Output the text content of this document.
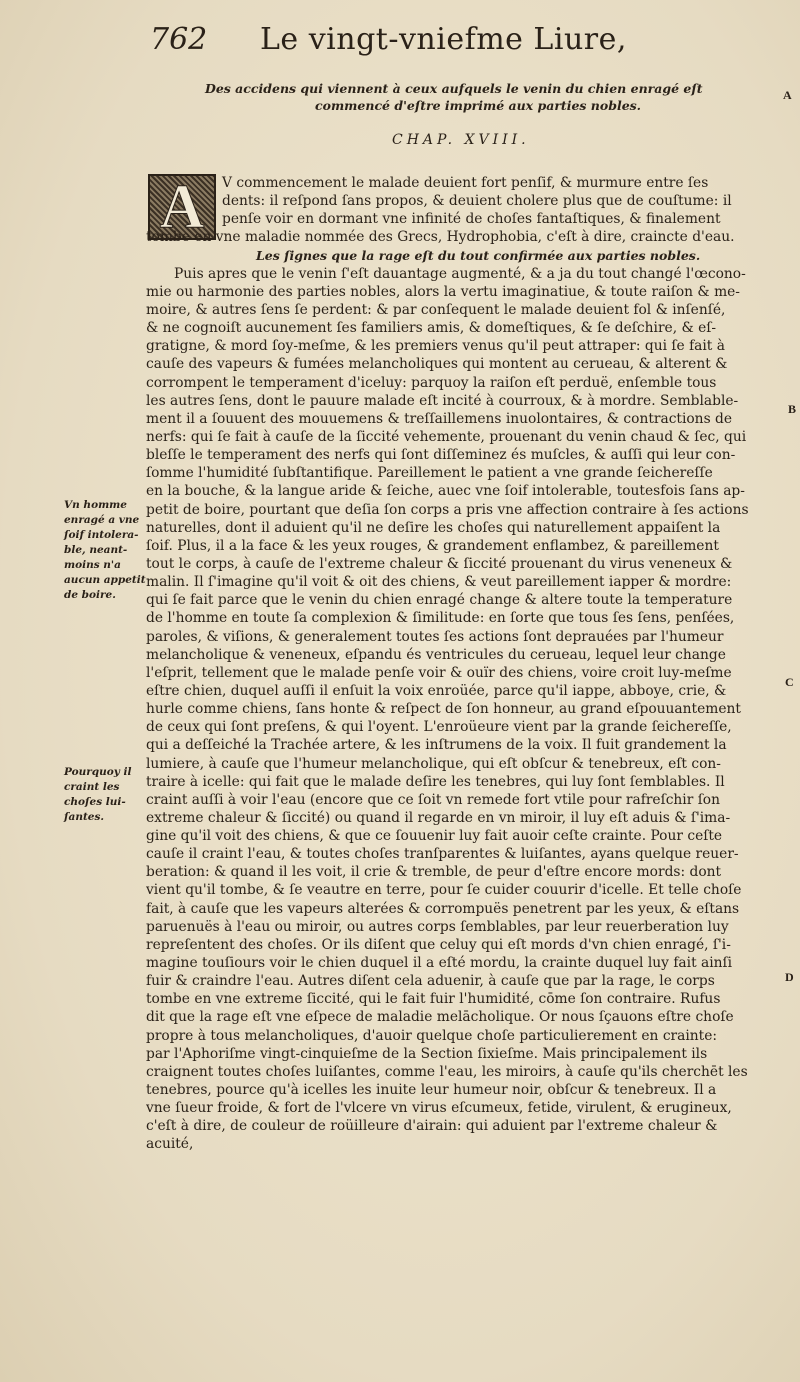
762	Le vingt-vniefme Liure,
A
B
C
D
Des accidens qui viennent à ceux aufquels le venin du chien enragé eſt
commencé d'eſtre imprimé aux parties nobles.
CHAP. XVIII.
A	V commencement le malade deuient fort penſif, & murmure entre ſes
dents: il reſpond ſans propos, & deuient cholere plus que de couſtume: il
penſe voir en dormant vne infinité de choſes fantaſtiques, & finalement
tombe en vne maladie nommée des Grecs, Hydrophobia, c'eſt à dire, craincte d'eau.
Les ſignes que la rage eſt du tout confirmée aux parties nobles.
Puis apres que le venin ſ'eſt dauantage augmenté, & a ja du tout changé l'œcono-
mie ou harmonie des parties nobles, alors la vertu imaginatiue, & toute raiſon & me-
moire, & autres ſens ſe perdent: & par conſequent le malade deuient fol & inſenſé,
& ne cognoiſt aucunement ſes familiers amis, & domeſtiques, & ſe deſchire, & eſ-
gratigne, & mord ſoy-meſme, & les premiers venus qu'il peut attraper: qui ſe fait à
cauſe des vapeurs & fumées melancholiques qui montent au cerueau, & alterent &
corrompent le temperament d'iceluy: parquoy la raiſon eſt perduë, enſemble tous
les autres ſens, dont le pauure malade eſt incité à courroux, & à mordre. Semblable-
ment il a ſouuent des mouuemens & treſſaillemens inuolontaires, & contractions de
nerfs: qui ſe fait à cauſe de la ſiccité vehemente, prouenant du venin chaud & ſec, qui
bleſſe le temperament des nerfs qui ſont diſſeminez és muſcles, & auſſi qui leur con-
ſomme l'humidité ſubſtantifique. Pareillement le patient a vne grande ſeichereſſe
en la bouche, & la langue aride & ſeiche, auec vne ſoif intolerable, toutesfois ſans ap-
petit de boire, pourtant que deſia ſon corps a pris vne affection contraire à ſes actions
naturelles, dont il aduient qu'il ne deſire les choſes qui naturellement appaiſent la
ſoif. Plus, il a la face & les yeux rouges, & grandement enflambez, & pareillement
tout le corps, à cauſe de l'extreme chaleur & ſiccité prouenant du virus veneneux &
malin. Il ſ'imagine qu'il voit & oit des chiens, & veut pareillement iapper & mordre:
qui ſe fait parce que le venin du chien enragé change & altere toute la temperature
de l'homme en toute ſa complexion & ſimilitude: en ſorte que tous ſes ſens, penſées,
paroles, & viſions, & generalement toutes ſes actions ſont deprauées par l'humeur
melancholique & veneneux, eſpandu és ventricules du cerueau, lequel leur change
l'eſprit, tellement que le malade penſe voir & ouïr des chiens, voire croit luy-meſme
eſtre chien, duquel auſſi il enſuit la voix enroüée, parce qu'il iappe, abboye, crie, &
hurle comme chiens, ſans honte & reſpect de ſon honneur, au grand eſpouuantement
de ceux qui ſont preſens, & qui l'oyent. L'enroüeure vient par la grande ſeichereſſe,
qui a deſſeiché la Trachée artere, & les inſtrumens de la voix. Il fuit grandement la
lumiere, à cauſe que l'humeur melancholique, qui eſt obſcur & tenebreux, eſt con-
traire à icelle: qui fait que le malade deſire les tenebres, qui luy ſont ſemblables. Il
craint auſſi à voir l'eau (encore que ce ſoit vn remede fort vtile pour rafreſchir ſon
extreme chaleur & ſiccité) ou quand il regarde en vn miroir, il luy eſt aduis & ſ'ima-
gine qu'il voit des chiens, & que ce ſouuenir luy fait auoir ceſte crainte. Pour ceſte
cauſe il craint l'eau, & toutes choſes tranſparentes & luiſantes, ayans quelque reuer-
beration: & quand il les voit, il crie & tremble, de peur d'eſtre encore mords: dont
vient qu'il tombe, & ſe veautre en terre, pour ſe cuider couurir d'icelle. Et telle choſe
fait, à cauſe que les vapeurs alterées & corrompuës penetrent par les yeux, & eſtans
paruenuës à l'eau ou miroir, ou autres corps ſemblables, par leur reuerberation luy
repreſentent des choſes. Or ils diſent que celuy qui eſt mords d'vn chien enragé, ſ'i-
magine touſiours voir le chien duquel il a eſté mordu, la crainte duquel luy fait ainſi
fuir & craindre l'eau. Autres diſent cela aduenir, à cauſe que par la rage, le corps
tombe en vne extreme ſiccité, qui le fait fuir l'humidité, cōme ſon contraire. Rufus
dit que la rage eſt vne eſpece de maladie melācholique. Or nous ſçauons eſtre choſe
propre à tous melancholiques, d'auoir quelque choſe particulierement en crainte:
par l'Aphoriſme vingt-cinquieſme de la Section ſixieſme. Mais principalement ils
craignent toutes choſes luiſantes, comme l'eau, les miroirs, à cauſe qu'ils cherchēt les
tenebres, pource qu'à icelles les inuite leur humeur noir, obſcur & tenebreux. Il a
vne ſueur froide, & fort de l'vlcere vn virus eſcumeux, fetide, virulent, & erugineux,
c'eſt à dire, de couleur de roüilleure d'airain: qui aduient par l'extreme chaleur &
acuité,
Vn homme
enragé a vne
ſoif intolera-
ble, neant-
moins n'a
aucun appetit
de boire.
Pourquoy il
craint les
choſes lui-
ſantes.
